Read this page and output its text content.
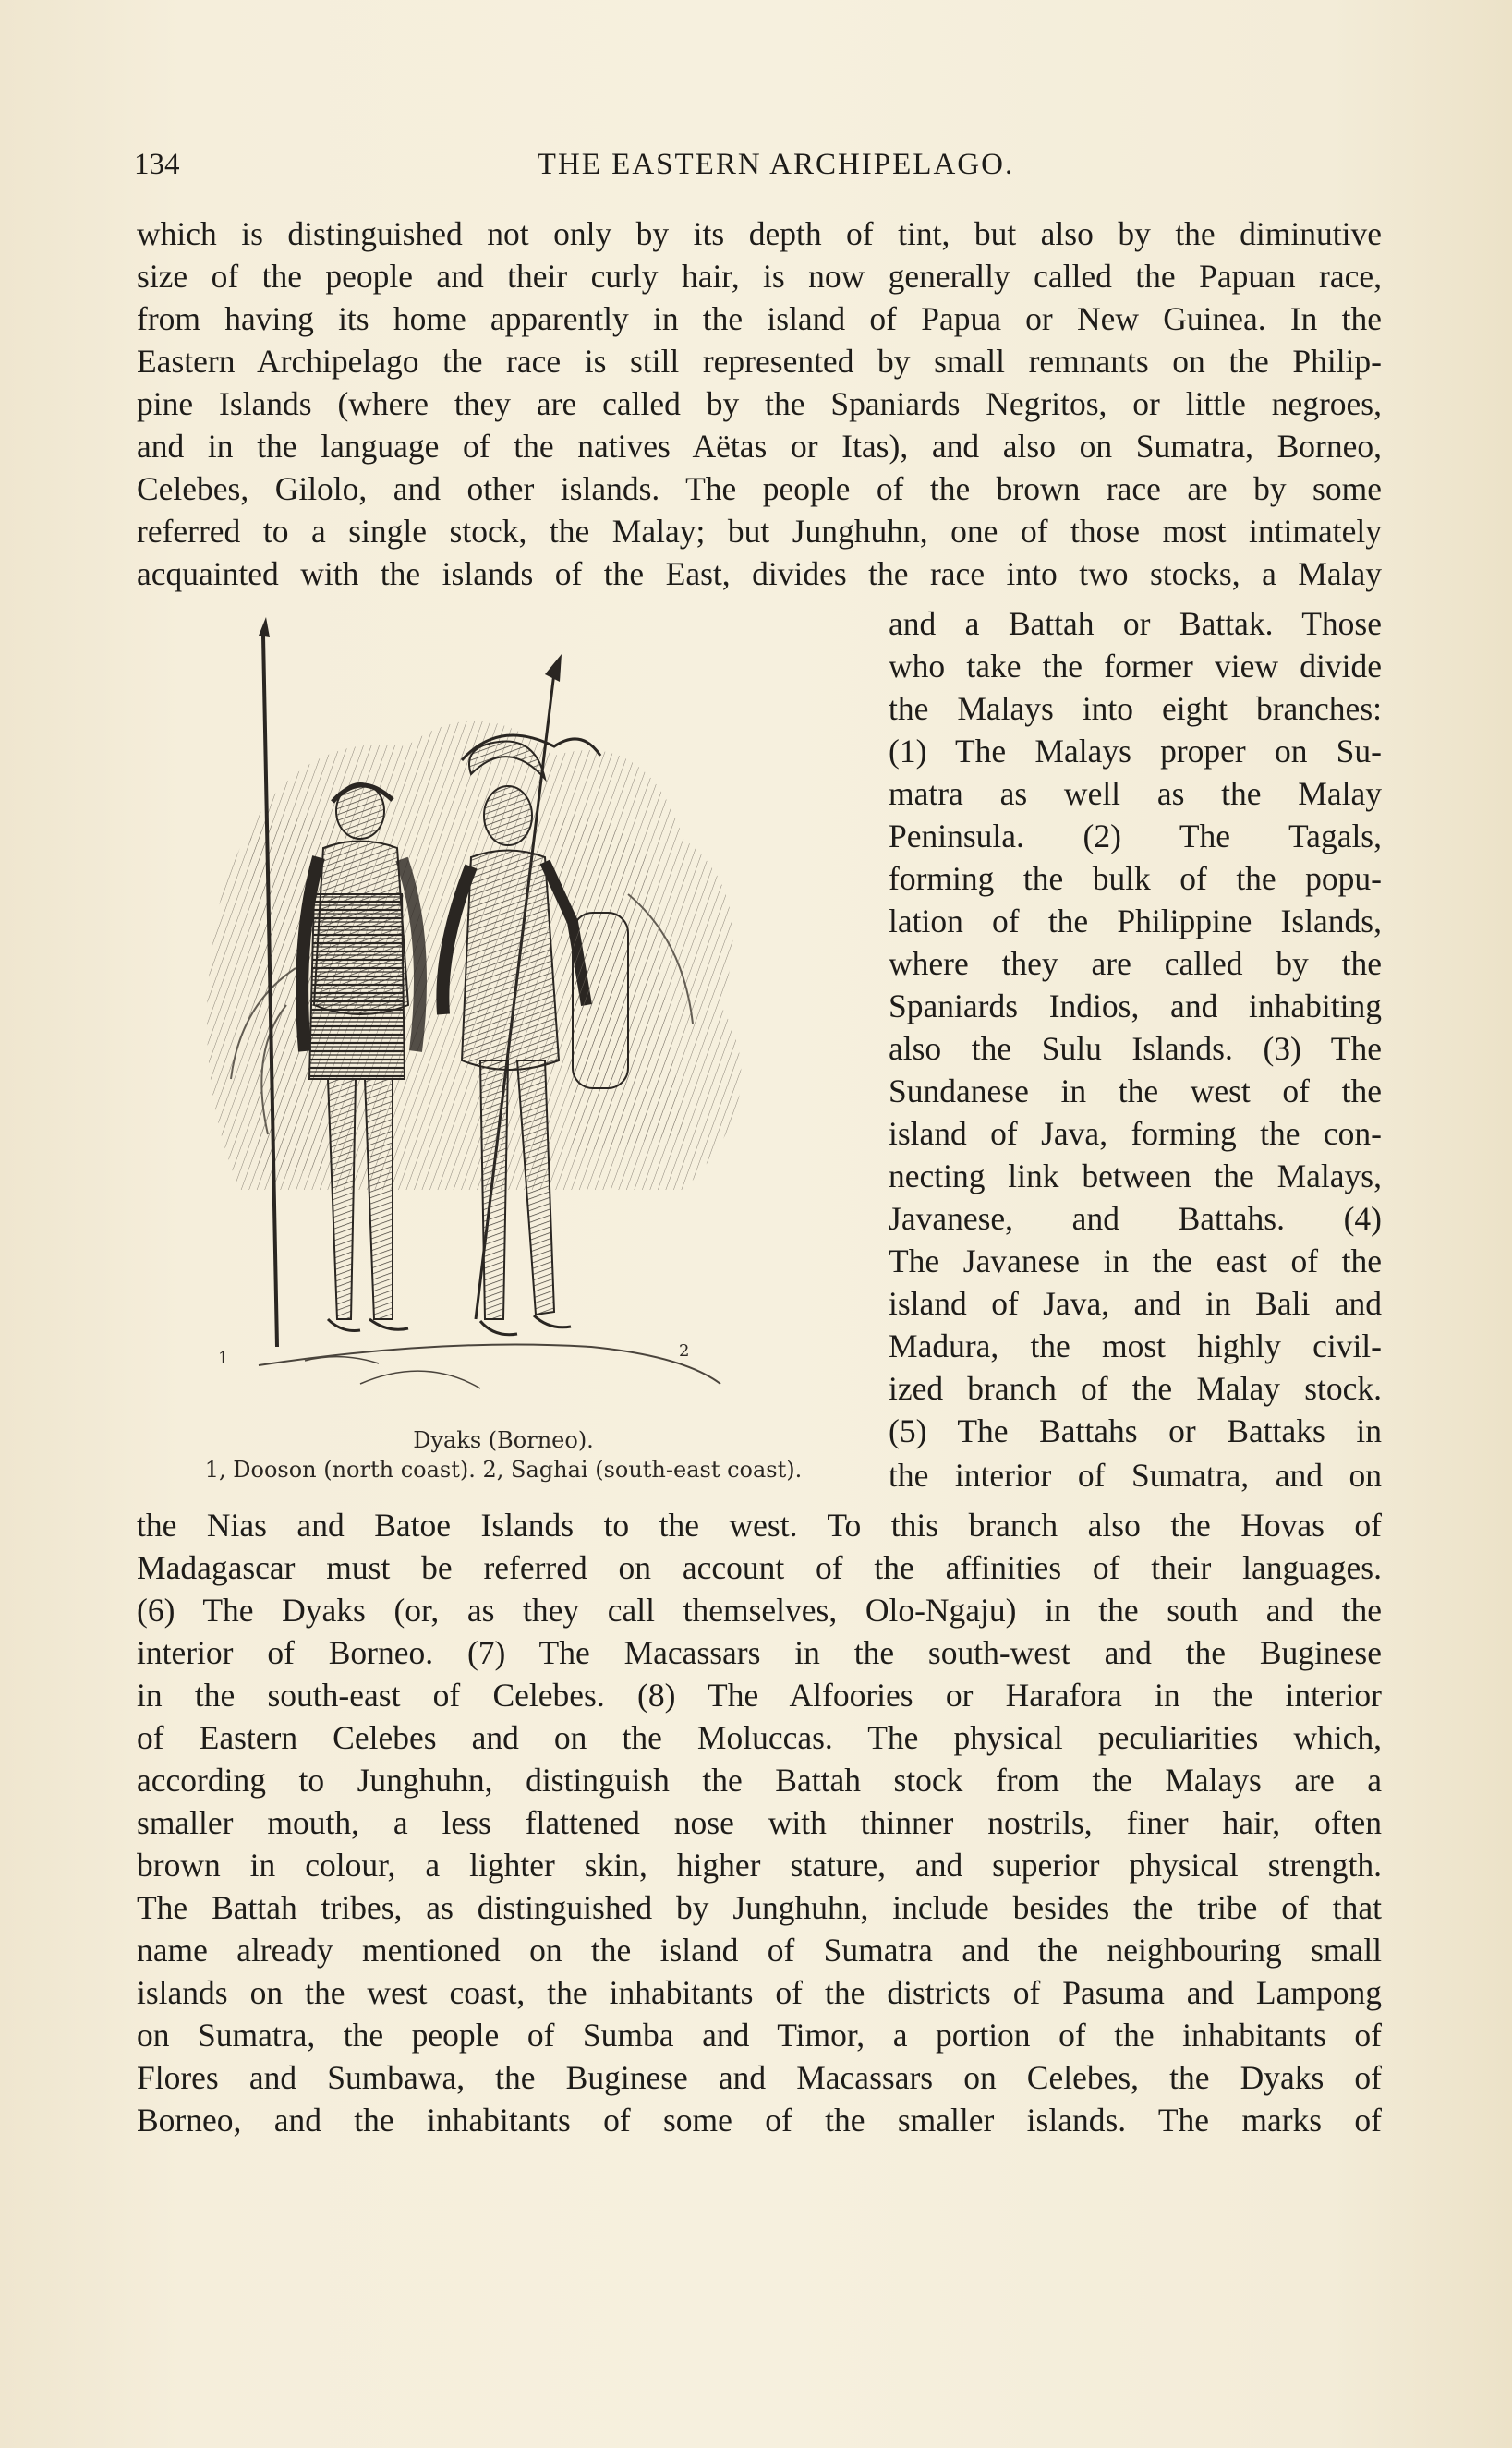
134	THE EASTERN ARCHIPELAGO.
which is distinguished not only by its depth of tint, but also by the diminutive
size of the people and their curly hair, is now generally called the Papuan race,
from having its home apparently in the island of Papua or New Guinea. In the
Eastern Archipelago the race is still represented by small remnants on the Philip-
pine Islands (where they are called by the Spaniards Negritos, or little negroes,
and in the language of the natives Aëtas or Itas), and also on Sumatra, Borneo,
Celebes, Gilolo, and other islands. The people of the brown race are by some
referred to a single stock, the Malay; but Junghuhn, one of those most intimately
acquainted with the islands of the East, divides the race into two stocks, a Malay
and a Battah or Battak. Those
who take the former view divide
the Malays into eight branches:
(1) The Malays proper on Su-
matra as well as the Malay
Peninsula. (2) The Tagals,
forming the bulk of the popu-
lation of the Philippine Islands,
where they are called by the
Spaniards Indios, and inhabiting
also the Sulu Islands. (3) The
Sundanese in the west of the
island of Java, forming the con-
necting link between the Malays,
Javanese, and Battahs. (4)
The Javanese in the east of the
island of Java, and in Bali and
Madura, the most highly civil-
ized branch of the Malay stock.
(5) The Battahs or Battaks in
the interior of Sumatra, and on
1	2
Dyaks (Borneo).
1, Dooson (north coast). 2, Saghai (south-east coast).
the Nias and Batoe Islands to the west. To this branch also the Hovas of
Madagascar must be referred on account of the affinities of their languages.
(6) The Dyaks (or, as they call themselves, Olo-Ngaju) in the south and the
interior of Borneo. (7) The Macassars in the south-west and the Buginese
in the south-east of Celebes. (8) The Alfoories or Harafora in the interior
of Eastern Celebes and on the Moluccas. The physical peculiarities which,
according to Junghuhn, distinguish the Battah stock from the Malays are a
smaller mouth, a less flattened nose with thinner nostrils, finer hair, often
brown in colour, a lighter skin, higher stature, and superior physical strength.
The Battah tribes, as distinguished by Junghuhn, include besides the tribe of that
name already mentioned on the island of Sumatra and the neighbouring small
islands on the west coast, the inhabitants of the districts of Pasuma and Lampong
on Sumatra, the people of Sumba and Timor, a portion of the inhabitants of
Flores and Sumbawa, the Buginese and Macassars on Celebes, the Dyaks of
Borneo, and the inhabitants of some of the smaller islands. The marks of
